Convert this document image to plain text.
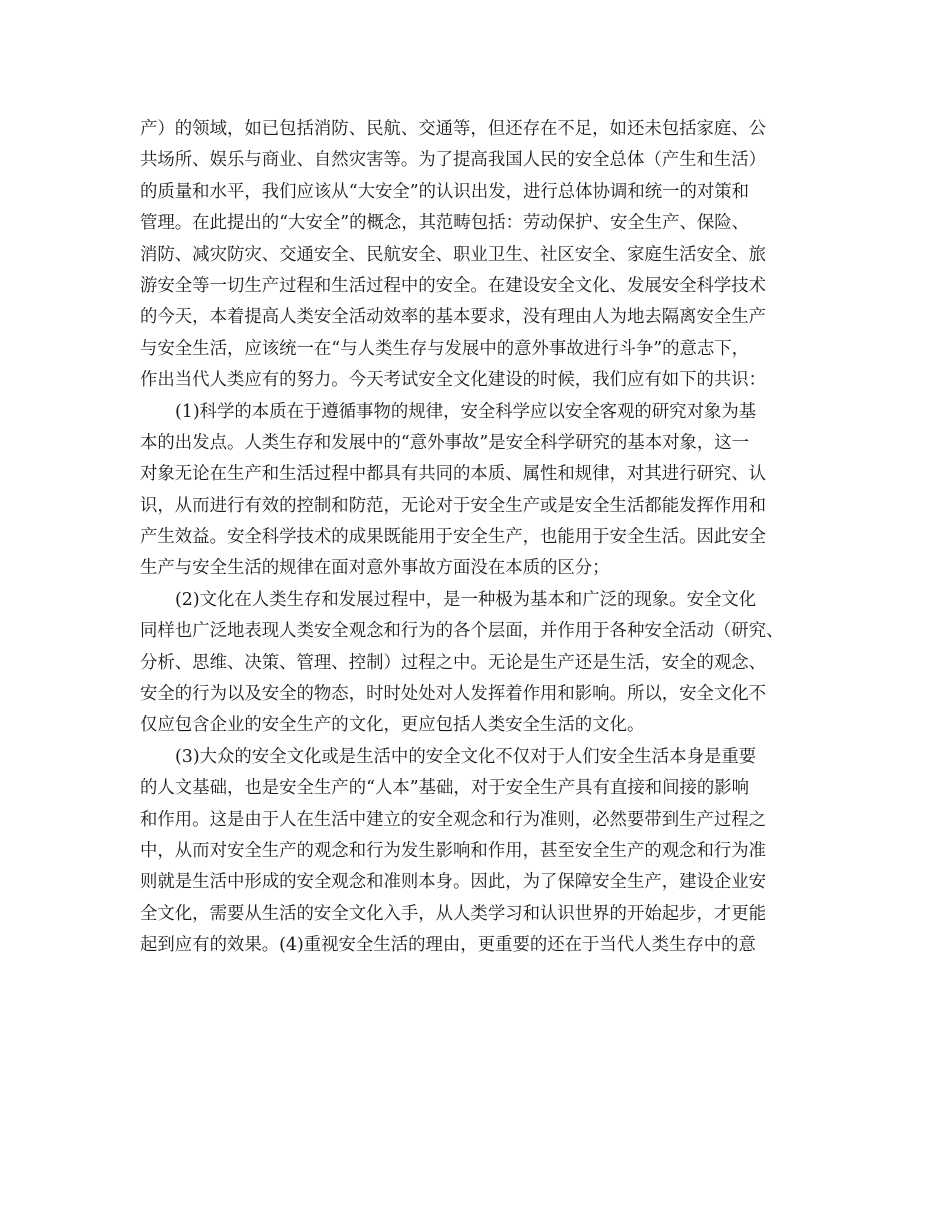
产）的领域，如已包括消防、民航、交通等，但还存在不足，如还未包括家庭、公
共场所、娱乐与商业、自然灾害等。为了提高我国人民的安全总体（产生和生活）
的质量和水平，我们应该从“大安全”的认识出发，进行总体协调和统一的对策和
管理。在此提出的“大安全”的概念，其范畴包括：劳动保护、安全生产、保险、
消防、减灾防灾、交通安全、民航安全、职业卫生、社区安全、家庭生活安全、旅
游安全等一切生产过程和生活过程中的安全。在建设安全文化、发展安全科学技术
的今天，本着提高人类安全活动效率的基本要求，没有理由人为地去隔离安全生产
与安全生活，应该统一在“与人类生存与发展中的意外事故进行斗争”的意志下，
作出当代人类应有的努力。今天考试安全文化建设的时候，我们应有如下的共识：
(1)科学的本质在于遵循事物的规律，安全科学应以安全客观的研究对象为基
本的出发点。人类生存和发展中的“意外事故”是安全科学研究的基本对象，这一
对象无论在生产和生活过程中都具有共同的本质、属性和规律，对其进行研究、认
识，从而进行有效的控制和防范，无论对于安全生产或是安全生活都能发挥作用和
产生效益。安全科学技术的成果既能用于安全生产，也能用于安全生活。因此安全
生产与安全生活的规律在面对意外事故方面没在本质的区分；
(2)文化在人类生存和发展过程中，是一种极为基本和广泛的现象。安全文化
同样也广泛地表现人类安全观念和行为的各个层面，并作用于各种安全活动（研究、
分析、思维、决策、管理、控制）过程之中。无论是生产还是生活，安全的观念、
安全的行为以及安全的物态，时时处处对人发挥着作用和影响。所以，安全文化不
仅应包含企业的安全生产的文化，更应包括人类安全生活的文化。
(3)大众的安全文化或是生活中的安全文化不仅对于人们安全生活本身是重要
的人文基础，也是安全生产的“人本”基础，对于安全生产具有直接和间接的影响
和作用。这是由于人在生活中建立的安全观念和行为准则，必然要带到生产过程之
中，从而对安全生产的观念和行为发生影响和作用，甚至安全生产的观念和行为准
则就是生活中形成的安全观念和准则本身。因此，为了保障安全生产，建设企业安
全文化，需要从生活的安全文化入手，从人类学习和认识世界的开始起步，才更能
起到应有的效果。(4)重视安全生活的理由，更重要的还在于当代人类生存中的意
